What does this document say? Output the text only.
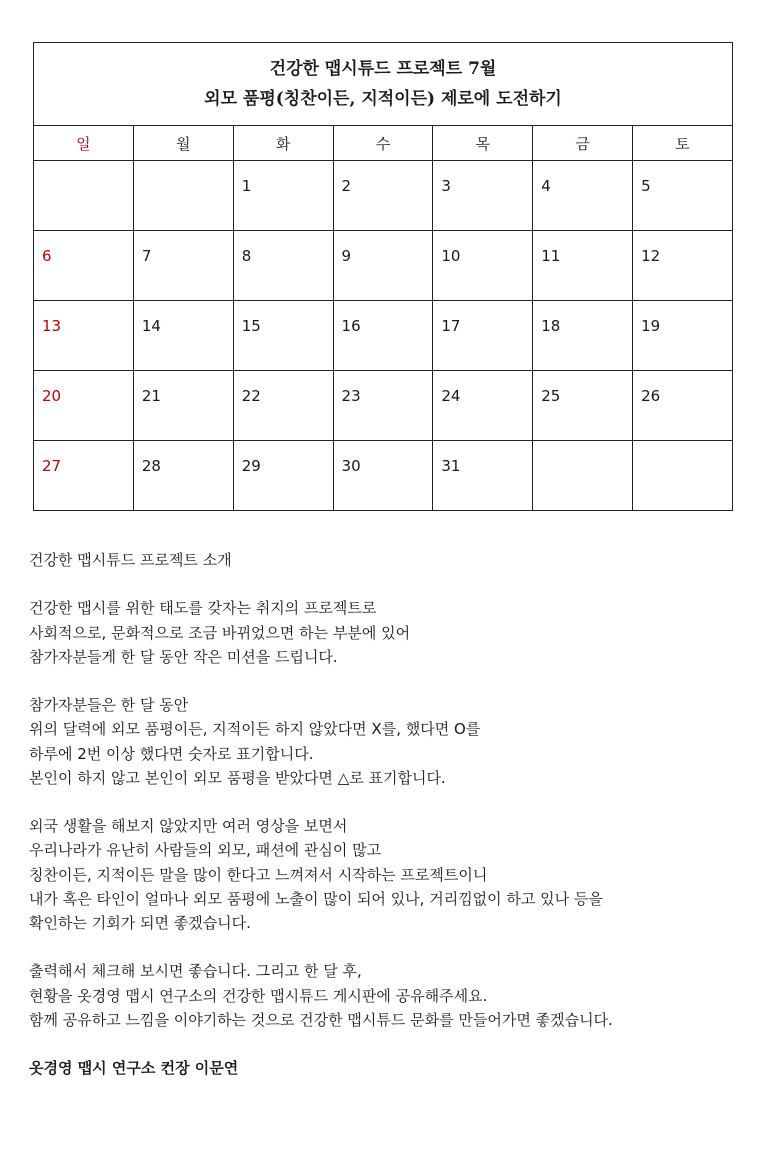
건강한 맵시튜드 프로젝트 7월
외모 품평(칭찬이든, 지적이든) 제로에 도전하기						

일	월	화	수	목	금	토

		1	2	3	4	5

6	7	8	9	10	11	12

13	14	15	16	17	18	19

20	21	22	23	24	25	26

27	28	29	30	31		

건강한 맵시튜드 프로젝트 소개

건강한 맵시를 위한 태도를 갖자는 취지의 프로젝트로
사회적으로, 문화적으로 조금 바뀌었으면 하는 부분에 있어
참가자분들게 한 달 동안 작은 미션을 드립니다.

참가자분들은 한 달 동안
위의 달력에 외모 품평이든, 지적이든 하지 않았다면 X를, 했다면 O를
하루에 2번 이상 했다면 숫자로 표기합니다.
본인이 하지 않고 본인이 외모 품평을 받았다면 △로 표기합니다.

외국 생활을 해보지 않았지만 여러 영상을 보면서
우리나라가 유난히 사람들의 외모, 패션에 관심이 많고
칭찬이든, 지적이든 말을 많이 한다고 느껴져서 시작하는 프로젝트이니
내가 혹은 타인이 얼마나 외모 품평에 노출이 많이 되어 있나, 거리낌없이 하고 있나 등을
확인하는 기회가 되면 좋겠습니다.

출력해서 체크해 보시면 좋습니다. 그리고 한 달 후,
현황을 옷경영 맵시 연구소의 건강한 맵시튜드 게시판에 공유해주세요.
함께 공유하고 느낌을 이야기하는 것으로 건강한 맵시튜드 문화를 만들어가면 좋겠습니다.

옷경영 맵시 연구소 컨장 이문연
